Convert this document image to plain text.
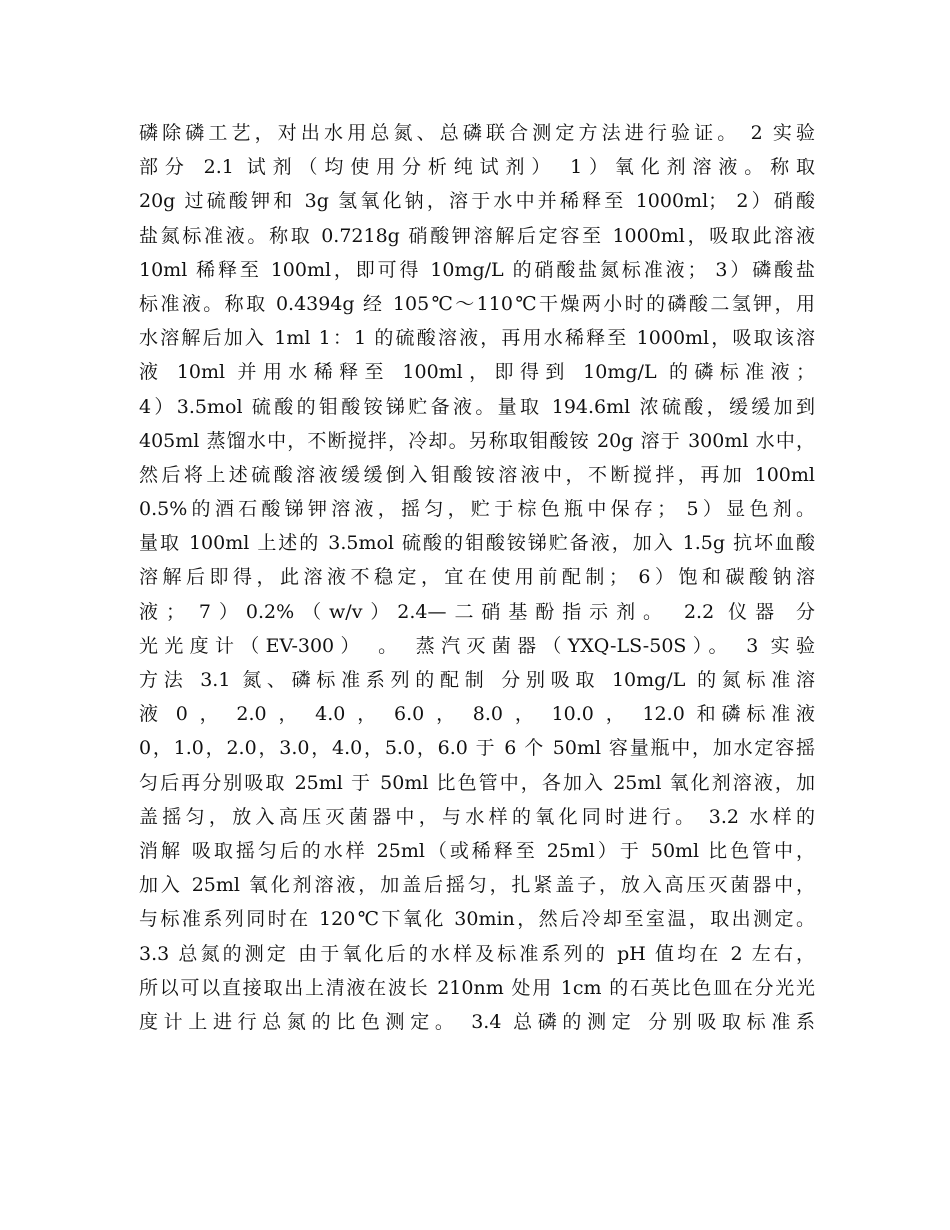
磷除磷工艺，对出水用总氮、总磷联合测定方法进行验证。 2 实验
部分 2.1 试剂（均使用分析纯试剂） 1）氧化剂溶液。称取
20g 过硫酸钾和 3g 氢氧化钠，溶于水中并稀释至 1000ml； 2）硝酸
盐氮标准液。称取 0.7218g 硝酸钾溶解后定容至 1000ml，吸取此溶液
10ml 稀释至 100ml，即可得 10mg/L 的硝酸盐氮标准液； 3）磷酸盐
标准液。称取 0.4394g 经 105℃～110℃干燥两小时的磷酸二氢钾，用
水溶解后加入 1ml 1：1 的硫酸溶液，再用水稀释至 1000ml，吸取该溶
液 10ml 并用水稀释至 100ml，即得到 10mg/L 的磷标准液；
4）3.5mol 硫酸的钼酸铵锑贮备液。量取 194.6ml 浓硫酸，缓缓加到
405ml 蒸馏水中，不断搅拌，冷却。另称取钼酸铵 20g 溶于 300ml 水中，
然后将上述硫酸溶液缓缓倒入钼酸铵溶液中，不断搅拌，再加 100ml
0.5%的酒石酸锑钾溶液，摇匀，贮于棕色瓶中保存； 5）显色剂。
量取 100ml 上述的 3.5mol 硫酸的钼酸铵锑贮备液，加入 1.5g 抗坏血酸
溶解后即得，此溶液不稳定，宜在使用前配制； 6）饱和碳酸钠溶
液； 7）0.2%（w/v）2.4—二硝基酚指示剂。 2.2 仪器 分
光光度计（EV-300） 。 蒸汽灭菌器（YXQ-LS-50S）。 3 实验
方法 3.1 氮、磷标准系列的配制 分别吸取 10mg/L 的氮标准溶
液 0 ， 2.0 ， 4.0 ， 6.0 ， 8.0 ， 10.0 ， 12.0 和磷标准液
0，1.0，2.0，3.0，4.0，5.0，6.0 于 6 个 50ml 容量瓶中，加水定容摇
匀后再分别吸取 25ml 于 50ml 比色管中，各加入 25ml 氧化剂溶液，加
盖摇匀，放入高压灭菌器中，与水样的氧化同时进行。 3.2 水样的
消解 吸取摇匀后的水样 25ml（或稀释至 25ml）于 50ml 比色管中，
加入 25ml 氧化剂溶液，加盖后摇匀，扎紧盖子，放入高压灭菌器中，
与标准系列同时在 120℃下氧化 30min，然后冷却至室温，取出测定。
3.3 总氮的测定 由于氧化后的水样及标准系列的 pH 值均在 2 左右，
所以可以直接取出上清液在波长 210nm 处用 1cm 的石英比色皿在分光光
度计上进行总氮的比色测定。 3.4 总磷的测定 分别吸取标准系
